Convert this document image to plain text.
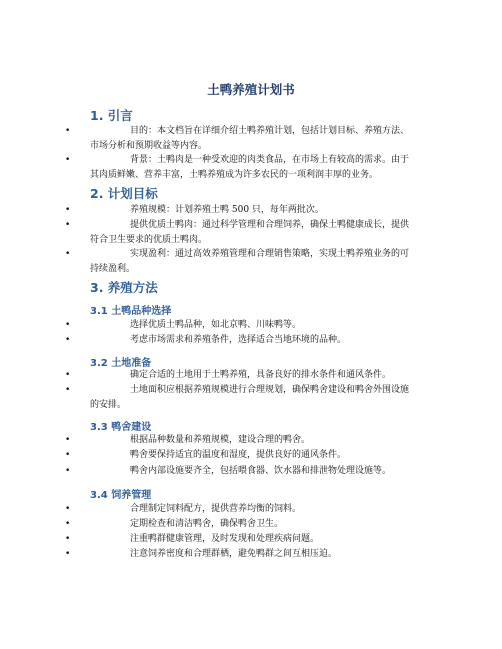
土鸭养殖计划书
1. 引言
•	目的：本文档旨在详细介绍土鸭养殖计划，包括计划目标、养殖方法、市场分析和预期收益等内容。
•	背景：土鸭肉是一种受欢迎的肉类食品，在市场上有较高的需求。由于其肉质鲜嫩、营养丰富，土鸭养殖成为许多农民的一项利润丰厚的业务。
2. 计划目标
•	养殖规模：计划养殖土鸭 500 只，每年两批次。
•	提供优质土鸭肉：通过科学管理和合理饲养，确保土鸭健康成长，提供符合卫生要求的优质土鸭肉。
•	实现盈利：通过高效养殖管理和合理销售策略，实现土鸭养殖业务的可持续盈利。
3. 养殖方法
3.1 土鸭品种选择
•	选择优质土鸭品种，如北京鸭、川味鸭等。
•	考虑市场需求和养殖条件，选择适合当地环境的品种。
3.2 土地准备
•	确定合适的土地用于土鸭养殖，具备良好的排水条件和通风条件。
•	土地面积应根据养殖规模进行合理规划，确保鸭舍建设和鸭舍外围设施的安排。
3.3 鸭舍建设
•	根据品种数量和养殖规模，建设合理的鸭舍。
•	鸭舍要保持适宜的温度和湿度，提供良好的通风条件。
•	鸭舍内部设施要齐全，包括喂食器、饮水器和排泄物处理设施等。
3.4 饲养管理
•	合理制定饲料配方，提供营养均衡的饲料。
•	定期检查和清洁鸭舍，确保鸭舍卫生。
•	注重鸭群健康管理，及时发现和处理疾病问题。
•	注意饲养密度和合理群栖，避免鸭群之间互相压迫。
